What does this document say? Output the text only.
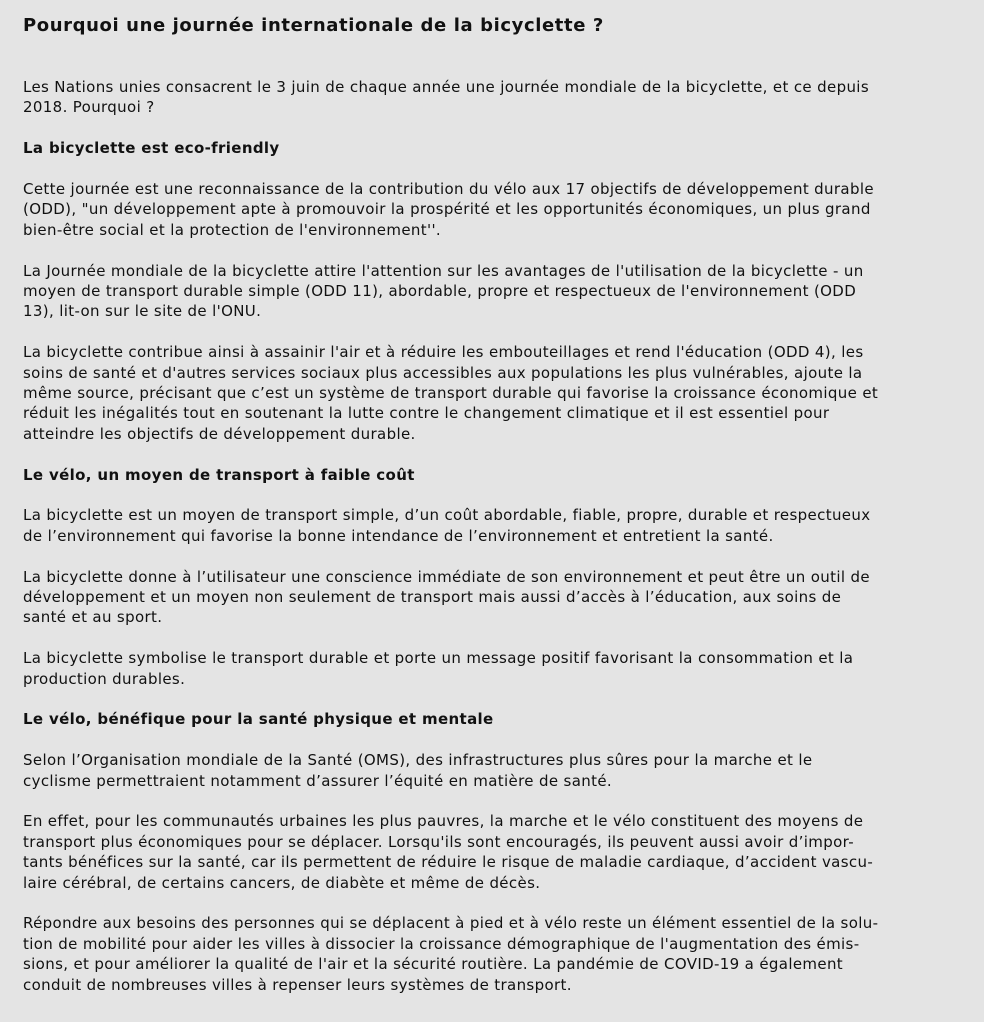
Pourquoi une journée internationale de la bicyclette ?

Les Nations unies consacrent le 3 juin de chaque année une journée mondiale de la bicyclette, et ce depuis
2018. Pourquoi ?

La bicyclette est eco-friendly

Cette journée est une reconnaissance de la contribution du vélo aux 17 objectifs de développement durable
(ODD), "un développement apte à promouvoir la prospérité et les opportunités économiques, un plus grand
bien-être social et la protection de l'environnement''.

La Journée mondiale de la bicyclette attire l'attention sur les avantages de l'utilisation de la bicyclette - un
moyen de transport durable simple (ODD 11), abordable, propre et respectueux de l'environnement (ODD
13), lit-on sur le site de l'ONU.

La bicyclette contribue ainsi à assainir l'air et à réduire les embouteillages et rend l'éducation (ODD 4), les
soins de santé et d'autres services sociaux plus accessibles aux populations les plus vulnérables, ajoute la
même source, précisant que c’est un système de transport durable qui favorise la croissance économique et
réduit les inégalités tout en soutenant la lutte contre le changement climatique et il est essentiel pour
atteindre les objectifs de développement durable.

Le vélo, un moyen de transport à faible coût

La bicyclette est un moyen de transport simple, d’un coût abordable, fiable, propre, durable et respectueux
de l’environnement qui favorise la bonne intendance de l’environnement et entretient la santé.

La bicyclette donne à l’utilisateur une conscience immédiate de son environnement et peut être un outil de
développement et un moyen non seulement de transport mais aussi d’accès à l’éducation, aux soins de
santé et au sport.

La bicyclette symbolise le transport durable et porte un message positif favorisant la consommation et la
production durables.

Le vélo, bénéfique pour la santé physique et mentale

Selon l’Organisation mondiale de la Santé (OMS), des infrastructures plus sûres pour la marche et le
cyclisme permettraient notamment d’assurer l’équité en matière de santé.

En effet, pour les communautés urbaines les plus pauvres, la marche et le vélo constituent des moyens de
transport plus économiques pour se déplacer. Lorsqu'ils sont encouragés, ils peuvent aussi avoir d’impor-
tants bénéfices sur la santé, car ils permettent de réduire le risque de maladie cardiaque, d’accident vascu-
laire cérébral, de certains cancers, de diabète et même de décès.

Répondre aux besoins des personnes qui se déplacent à pied et à vélo reste un élément essentiel de la solu-
tion de mobilité pour aider les villes à dissocier la croissance démographique de l'augmentation des émis-
sions, et pour améliorer la qualité de l'air et la sécurité routière. La pandémie de COVID-19 a également
conduit de nombreuses villes à repenser leurs systèmes de transport.
